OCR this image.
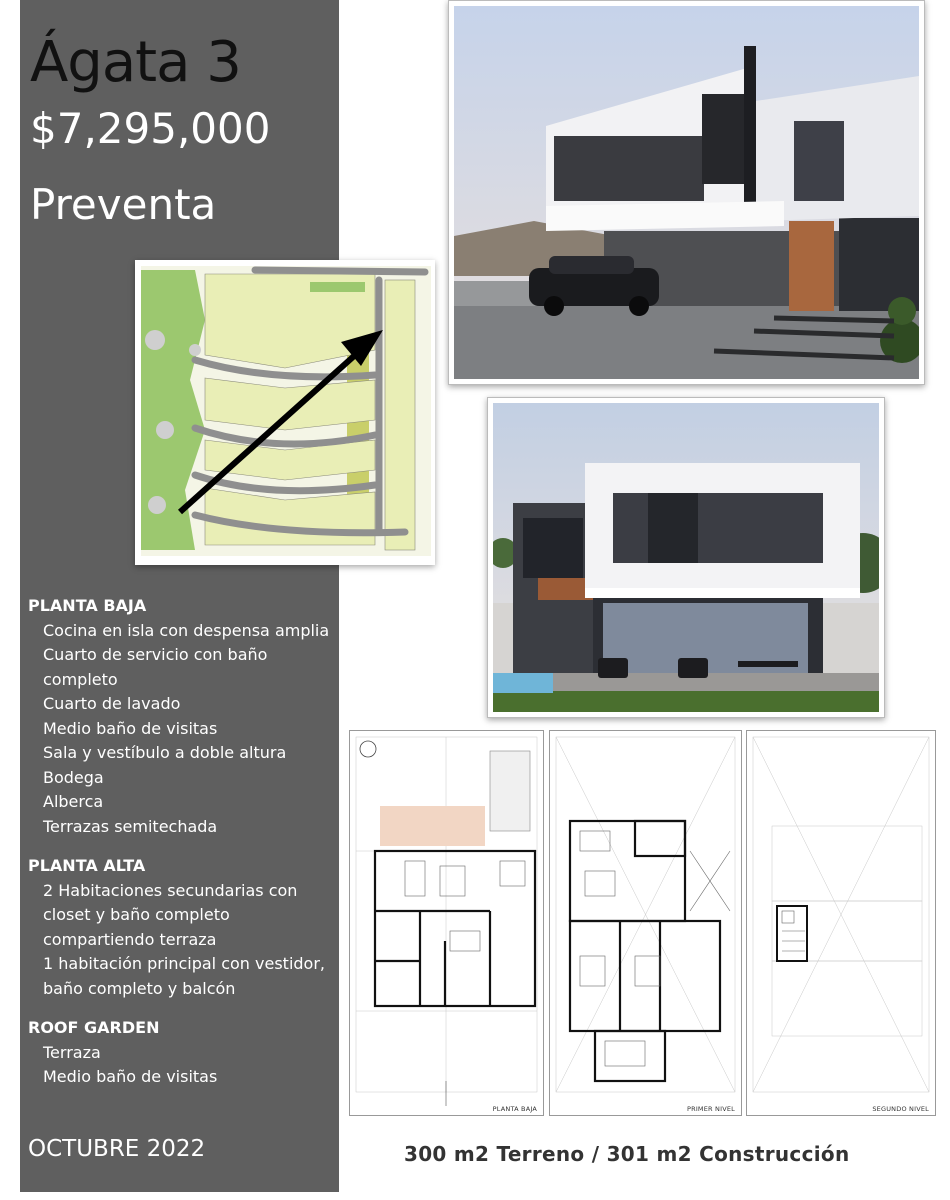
Ágata 3
$7,295,000
Preventa
PLANTA BAJA
Cocina en isla con despensa amplia
Cuarto de servicio con baño
completo
Cuarto de lavado
Medio baño de visitas
Sala y vestíbulo a doble altura
Bodega
Alberca
Terrazas semitechada
PLANTA ALTA
2 Habitaciones secundarias con
closet y baño completo
compartiendo terraza
1 habitación principal con vestidor,
baño completo y balcón
ROOF GARDEN
Terraza
Medio baño de visitas
OCTUBRE 2022
PLANTA BAJA	PRIMER NIVEL	SEGUNDO NIVEL
300 m2 Terreno / 301 m2 Construcción
